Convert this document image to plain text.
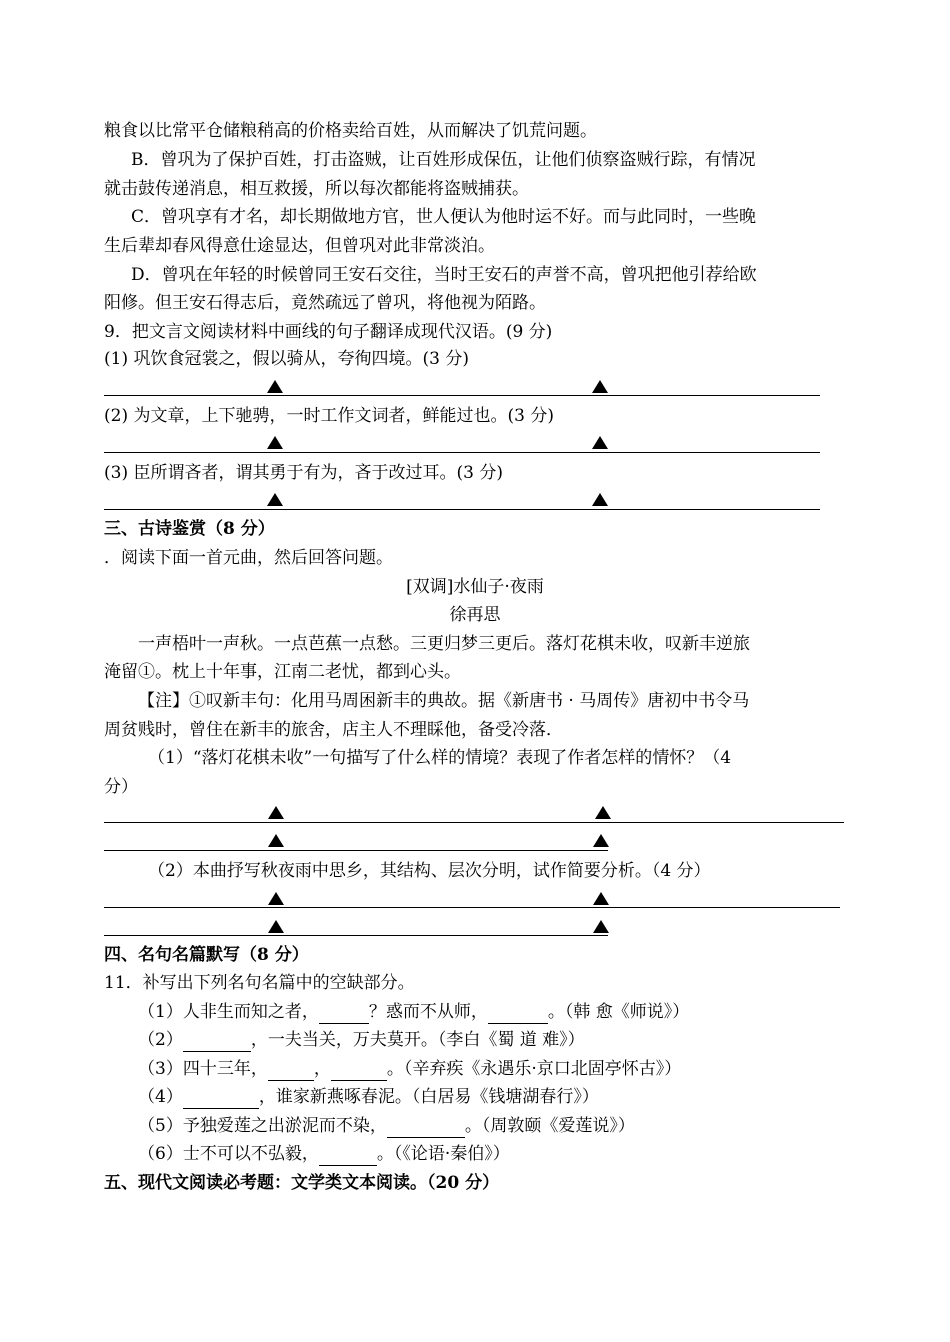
粮食以比常平仓储粮稍高的价格卖给百姓，从而解决了饥荒问题。
B．曾巩为了保护百姓，打击盗贼，让百姓形成保伍，让他们侦察盗贼行踪，有情况
就击鼓传递消息，相互救援，所以每次都能将盗贼捕获。
C．曾巩享有才名，却长期做地方官，世人便认为他时运不好。而与此同时，一些晚
生后辈却春风得意仕途显达，但曾巩对此非常淡泊。
D．曾巩在年轻的时候曾同王安石交往，当时王安石的声誉不高，曾巩把他引荐给欧
阳修。但王安石得志后，竟然疏远了曾巩，将他视为陌路。
9．把文言文阅读材料中画线的句子翻译成现代汉语。(9 分)
(1) 巩饮食冠裳之，假以骑从，夸徇四境。(3 分)
(2) 为文章，上下驰骋，一时工作文词者，鲜能过也。(3 分)
(3) 臣所谓吝者，谓其勇于有为，吝于改过耳。(3 分)
三、古诗鉴赏（8 分）
．阅读下面一首元曲，然后回答问题。
[双调]水仙子·夜雨
徐再思
一声梧叶一声秋。一点芭蕉一点愁。三更归梦三更后。落灯花棋未收，叹新丰逆旅
淹留①。枕上十年事，江南二老忧，都到心头。
【注】①叹新丰句：化用马周困新丰的典故。据《新唐书 · 马周传》唐初中书令马
周贫贱时，曾住在新丰的旅舍，店主人不理睬他，备受冷落．
（1）“落灯花棋未收”一句描写了什么样的情境？表现了作者怎样的情怀？（4
分）
（2）本曲抒写秋夜雨中思乡，其结构、层次分明，试作简要分析。（4 分）
四、名句名篇默写（8 分）
11．补写出下列名句名篇中的空缺部分。
（1）人非生而知之者，	？惑而不从师，	。（韩 愈《师说》）
（2）	，一夫当关，万夫莫开。（李白《蜀 道 难》）
（3）四十三年，	，	。（辛弃疾《永遇乐·京口北固亭怀古》）
（4）	，谁家新燕啄春泥。（白居易《钱塘湖春行》）
（5）予独爱莲之出淤泥而不染，	。（周敦颐《爱莲说》）
（6）士不可以不弘毅，	。（《论语·秦伯》）
五、现代文阅读必考题：文学类文本阅读。（20 分）
